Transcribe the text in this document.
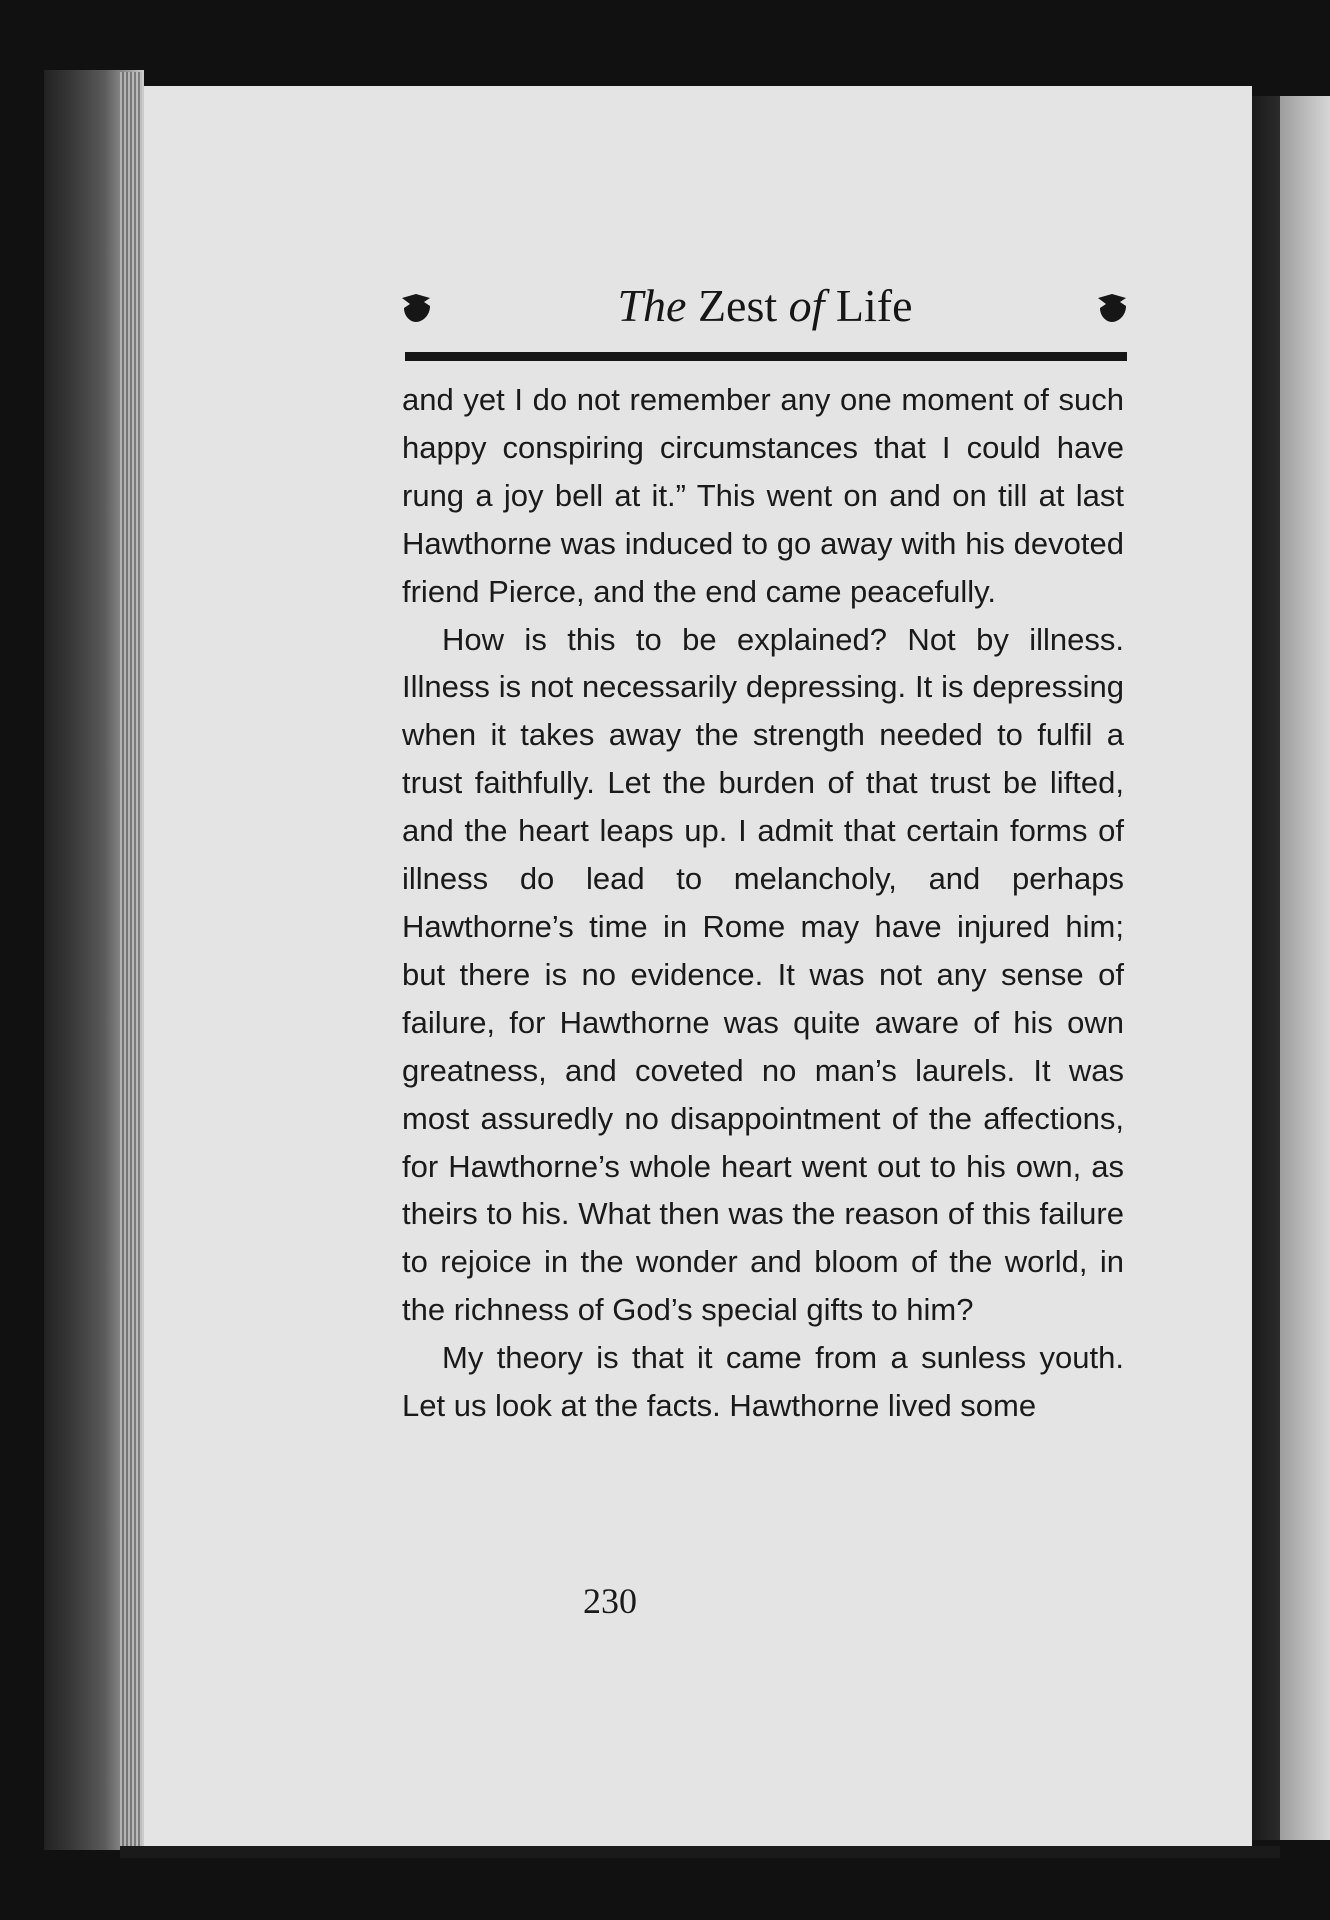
The Zest of Life

and yet I do not remember any one moment of such happy conspiring circumstances that I could have rung a joy bell at it.” This went on and on till at last Hawthorne was induced to go away with his devoted friend Pierce, and the end came peacefully.

How is this to be explained? Not by illness. Illness is not necessarily depressing. It is depressing when it takes away the strength needed to fulfil a trust faithfully. Let the burden of that trust be lifted, and the heart leaps up. I admit that certain forms of illness do lead to melancholy, and perhaps Hawthorne’s time in Rome may have injured him; but there is no evidence. It was not any sense of failure, for Hawthorne was quite aware of his own greatness, and coveted no man’s laurels. It was most assuredly no disappointment of the affections, for Hawthorne’s whole heart went out to his own, as theirs to his. What then was the reason of this failure to rejoice in the wonder and bloom of the world, in the richness of God’s special gifts to him?

My theory is that it came from a sunless youth. Let us look at the facts. Hawthorne lived some

230
